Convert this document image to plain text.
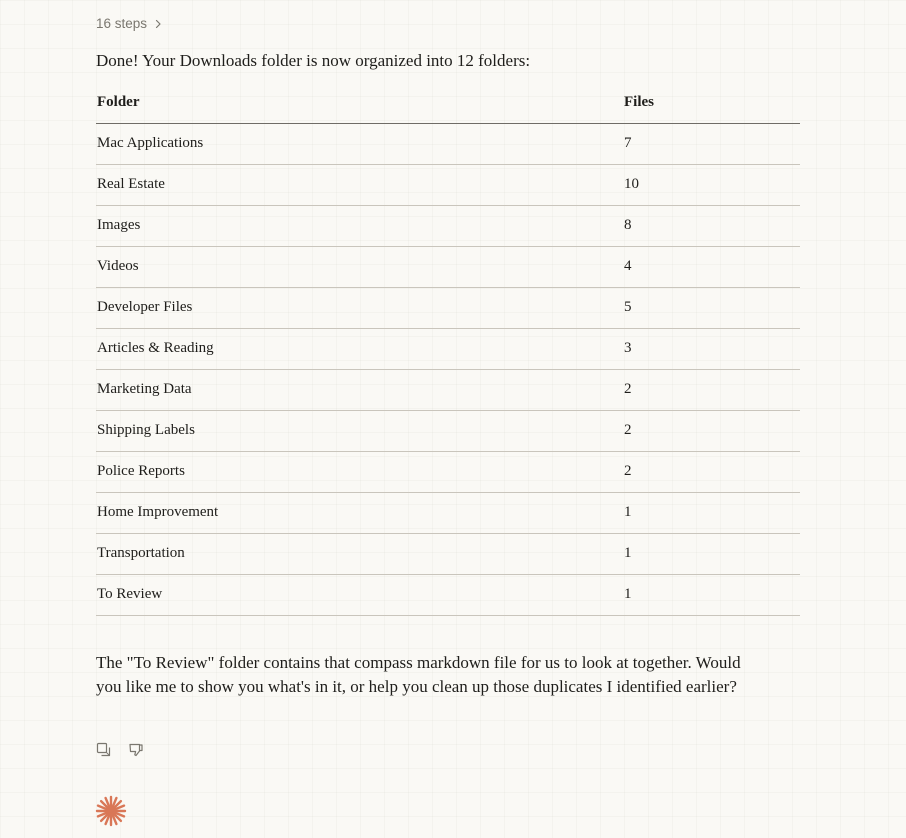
16 steps

Done! Your Downloads folder is now organized into 12 folders:

Folder	Files
Mac Applications	7
Real Estate	10
Images	8
Videos	4
Developer Files	5
Articles & Reading	3
Marketing Data	2
Shipping Labels	2
Police Reports	2
Home Improvement	1
Transportation	1
To Review	1

The "To Review" folder contains that compass markdown file for us to look at together. Would you like me to show you what's in it, or help you clean up those duplicates I identified earlier?
